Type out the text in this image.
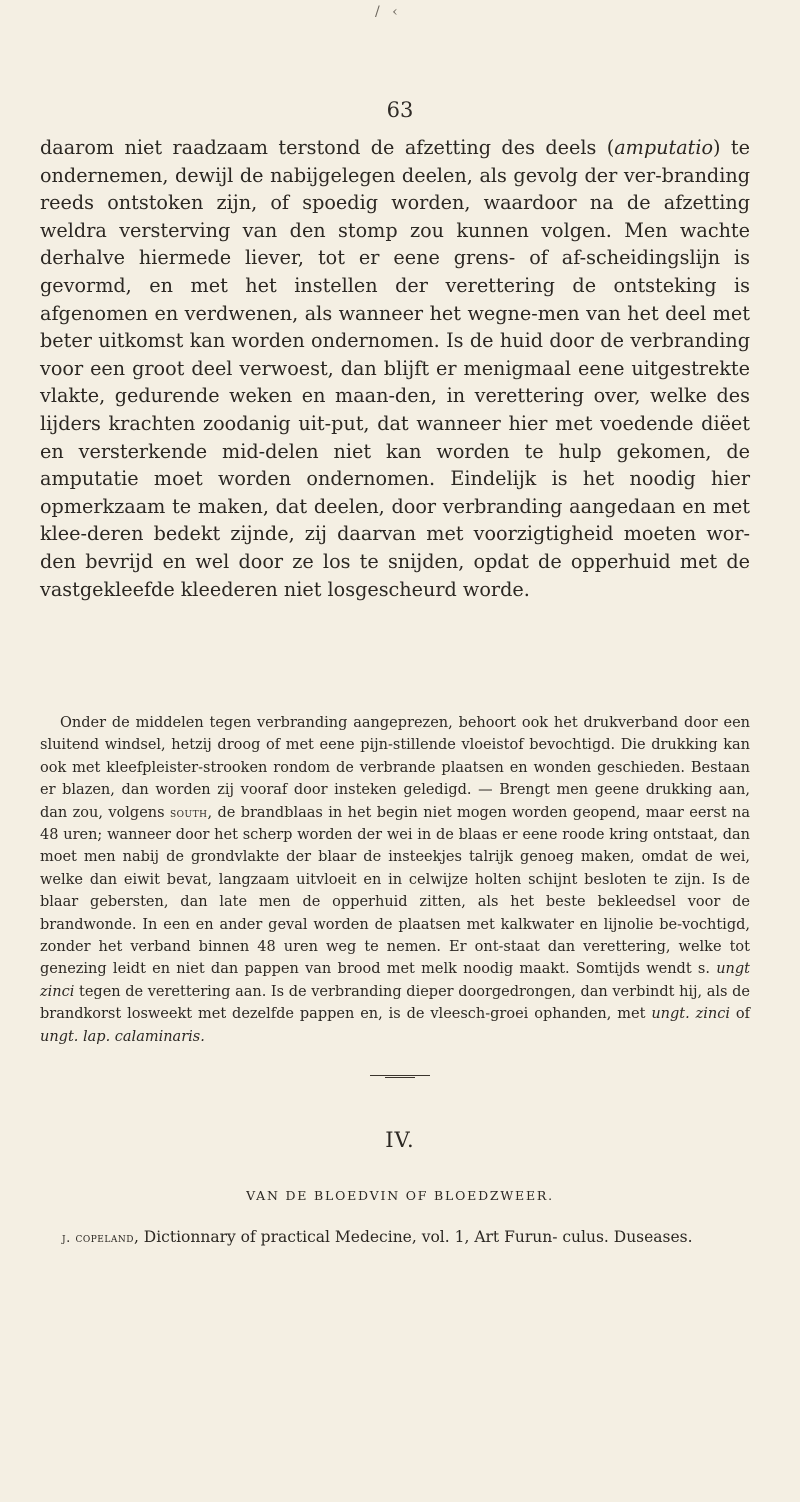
/ ‹
63

daarom niet raadzaam terstond de afzetting des deels (amputatio) te ondernemen, dewijl de nabijgelegen deelen, als gevolg der ver-​branding reeds ontstoken zijn, of spoedig worden, waardoor na de afzetting weldra versterving van den stomp zou kunnen volgen. Men wachte derhalve hiermede liever, tot er eene grens- of af-​scheidingslijn is gevormd, en met het instellen der verettering de ontsteking is afgenomen en verdwenen, als wanneer het wegne-​men van het deel met beter uitkomst kan worden ondernomen. Is de huid door de verbranding voor een groot deel verwoest, dan blijft er menigmaal eene uitgestrekte vlakte, gedurende weken en maan-​den, in verettering over, welke des lijders krachten zoodanig uit-​put, dat wanneer hier met voedende diëet en versterkende mid-​delen niet kan worden te hulp gekomen, de amputatie moet worden ondernomen. Eindelijk is het noodig hier opmerkzaam te maken, dat deelen, door verbranding aangedaan en met klee-​deren bedekt zijnde, zij daarvan met voorzigtigheid moeten wor-​den bevrijd en wel door ze los te snijden, opdat de opperhuid met de vastgekleefde kleederen niet losgescheurd worde.

Onder de middelen tegen verbranding aangeprezen, behoort ook het drukverband door een sluitend windsel, hetzij droog of met eene pijn-​stillende vloeistof bevochtigd. Die drukking kan ook met kleefpleister-​strooken rondom de verbrande plaatsen en wonden geschieden. Bestaan er blazen, dan worden zij vooraf door insteken geledigd. — Brengt men geene drukking aan, dan zou, volgens south, de brandblaas in het begin niet mogen worden geopend, maar eerst na 48 uren; wanneer door het scherp worden der wei in de blaas er eene roode kring ontstaat, dan moet men nabij de grondvlakte der blaar de insteekjes talrijk genoeg maken, omdat de wei, welke dan eiwit bevat, langzaam uitvloeit en in celwijze holten schijnt besloten te zijn. Is de blaar gebersten, dan late men de opperhuid zitten, als het beste bekleedsel voor de brandwonde. In een en ander geval worden de plaatsen met kalkwater en lijnolie be-​vochtigd, zonder het verband binnen 48 uren weg te nemen. Er ont-​staat dan verettering, welke tot genezing leidt en niet dan pappen van brood met melk noodig maakt. Somtijds wendt s. ungt zinci tegen de verettering aan. Is de verbranding dieper doorgedrongen, dan verbindt hij, als de brandkorst losweekt met dezelfde pappen en, is de vleesch-​groei ophanden, met ungt. zinci of ungt. lap. calaminaris.

IV.
VAN DE BLOEDVIN OF BLOEDZWEER.

j. copeland, Dictionnary of practical Medecine, vol. 1, Art Furun- culus. Duseases.
